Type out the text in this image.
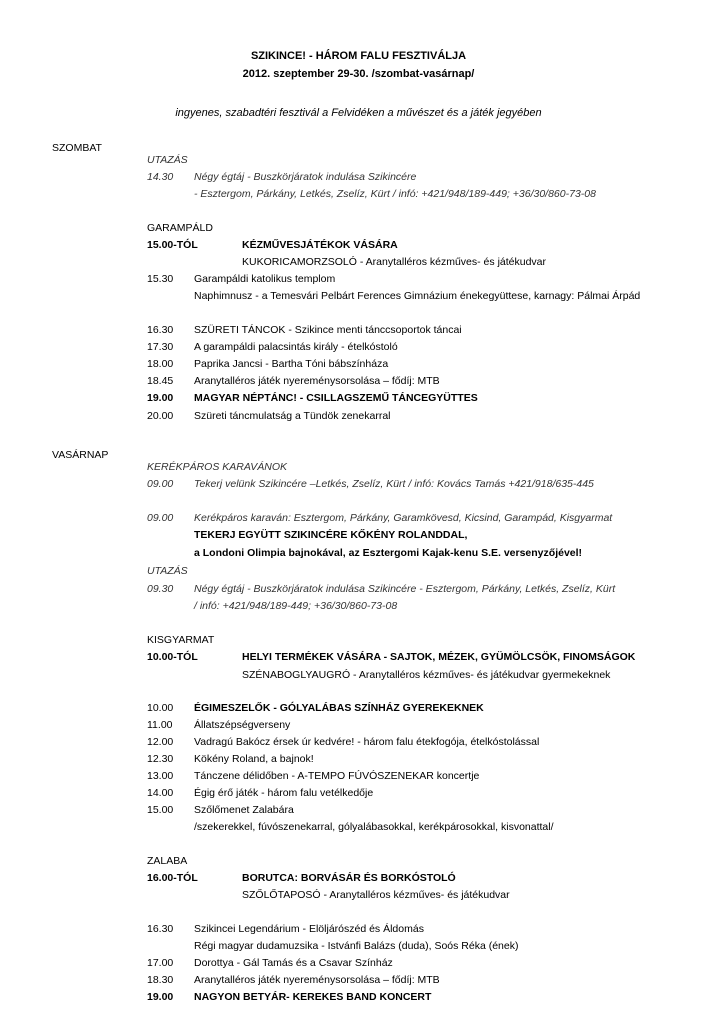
SZIKINCE! - HÁROM FALU FESZTIVÁLJA
2012. szeptember 29-30. /szombat-vasárnap/
ingyenes, szabadtéri fesztivál a Felvidéken a művészet és a játék jegyében
SZOMBAT
VASÁRNAP
UTAZÁS
14.30 Négy égtáj - Buszkörjáratok indulása Szikincére
- Esztergom, Párkány, Letkés, Zselíz, Kürt / infó: +421/948/189-449; +36/30/860-73-08
GARAMPÁLD
15.00-TÓL	KÉZMŰVESJÁTÉKOK VÁSÁRA
KUKORICAMORZSOLÓ - Aranytalléros kézműves- és játékudvar
15.30 Garampáldi katolikus templom
Naphimnusz - a Temesvári Pelbárt Ferences Gimnázium énekegyüttese, karnagy: Pálmai Árpád
16.30 SZÜRETI TÁNCOK - Szikince menti tánccsoportok táncai
17.30 A garampáldi palacsintás király - ételkóstoló
18.00 Paprika Jancsi - Bartha Tóni bábszínháza
18.45 Aranytalléros játék nyereménysorsolása – fődíj: MTB
19.00 MAGYAR NÉPTÁNC! - CSILLAGSZEMŰ TÁNCEGYÜTTES
20.00 Szüreti táncmulatság a Tündök zenekarral
KERÉKPÁROS KARAVÁNOK
09.00 Tekerj velünk Szikincére –Letkés, Zselíz, Kürt / infó: Kovács Tamás +421/918/635-445
09.00 Kerékpáros karaván: Esztergom, Párkány, Garamkövesd, Kicsind, Garampád, Kisgyarmat
TEKERJ EGYÜTT SZIKINCÉRE KŐKÉNY ROLANDDAL,
a Londoni Olimpia bajnokával, az Esztergomi Kajak-kenu S.E. versenyzőjével!
UTAZÁS
09.30 Négy égtáj - Buszkörjáratok indulása Szikincére - Esztergom, Párkány, Letkés, Zselíz, Kürt
/ infó: +421/948/189-449; +36/30/860-73-08
KISGYARMAT
10.00-TÓL	HELYI TERMÉKEK VÁSÁRA - SAJTOK, MÉZEK, GYÜMÖLCSÖK, FINOMSÁGOK
SZÉNABOGLYAUGRÓ - Aranytalléros kézműves- és játékudvar gyermekeknek
10.00 ÉGIMESZELŐK - GÓLYALÁBAS SZÍNHÁZ GYEREKEKNEK
11.00 Állatszépségverseny
12.00 Vadragú Bakócz érsek úr kedvére! - három falu étekfogója, ételkóstolással
12.30 Kökény Roland, a bajnok!
13.00 Tánczene délidőben - A-TEMPO FÚVÓSZENEKAR koncertje
14.00 Égig érő játék - három falu vetélkedője
15.00 Szőlőmenet Zalabára
/szekerekkel, fúvószenekarral, gólyalábasokkal, kerékpárosokkal, kisvonattal/
ZALABA
16.00-TÓL	BORUTCA: BORVÁSÁR ÉS BORKÓSTOLÓ
SZŐLŐTAPOSÓ - Aranytalléros kézműves- és játékudvar
16.30 Szikincei Legendárium - Elöljárószéd és Áldomás
Régi magyar dudamuzsika - Istvánfi Balázs (duda), Soós Réka (ének)
17.00 Dorottya - Gál Tamás és a Csavar Színház
18.30 Aranytalléros játék nyereménysorsolása – fődíj: MTB
19.00 NAGYON BETYÁR- KEREKES BAND KONCERT
